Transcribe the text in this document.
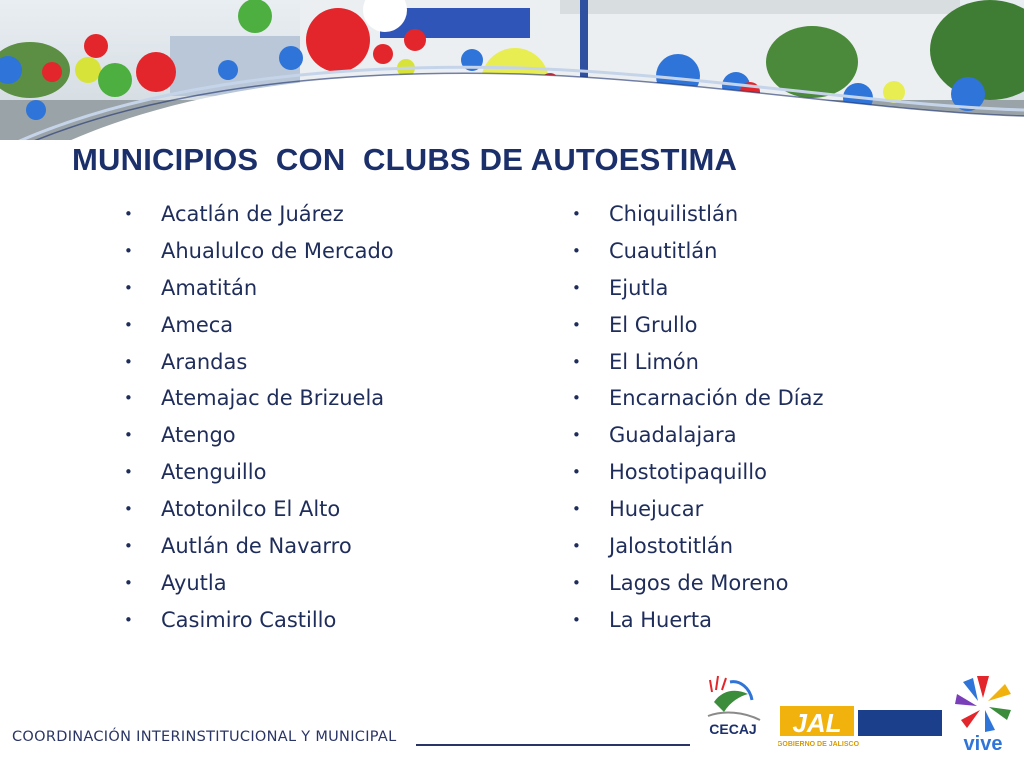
MUNICIPIOS  CON  CLUBS DE AUTOESTIMA
• Acatlán de Juárez
• Ahualulco de Mercado
• Amatitán
• Ameca
• Arandas
• Atemajac de Brizuela
• Atengo
• Atenguillo
• Atotonilco El Alto
• Autlán de Navarro
• Ayutla
• Casimiro Castillo
• Chiquilistlán
• Cuautitlán
• Ejutla
• El Grullo
• El Limón
• Encarnación de Díaz
• Guadalajara
• Hostotipaquillo
• Huejucar
• Jalostotitlán
• Lagos de Moreno
• La Huerta
COORDINACIÓN INTERINSTITUCIONAL Y MUNICIPAL	CECAJ JAL
GOBIERNO DE JALISCO	vive
